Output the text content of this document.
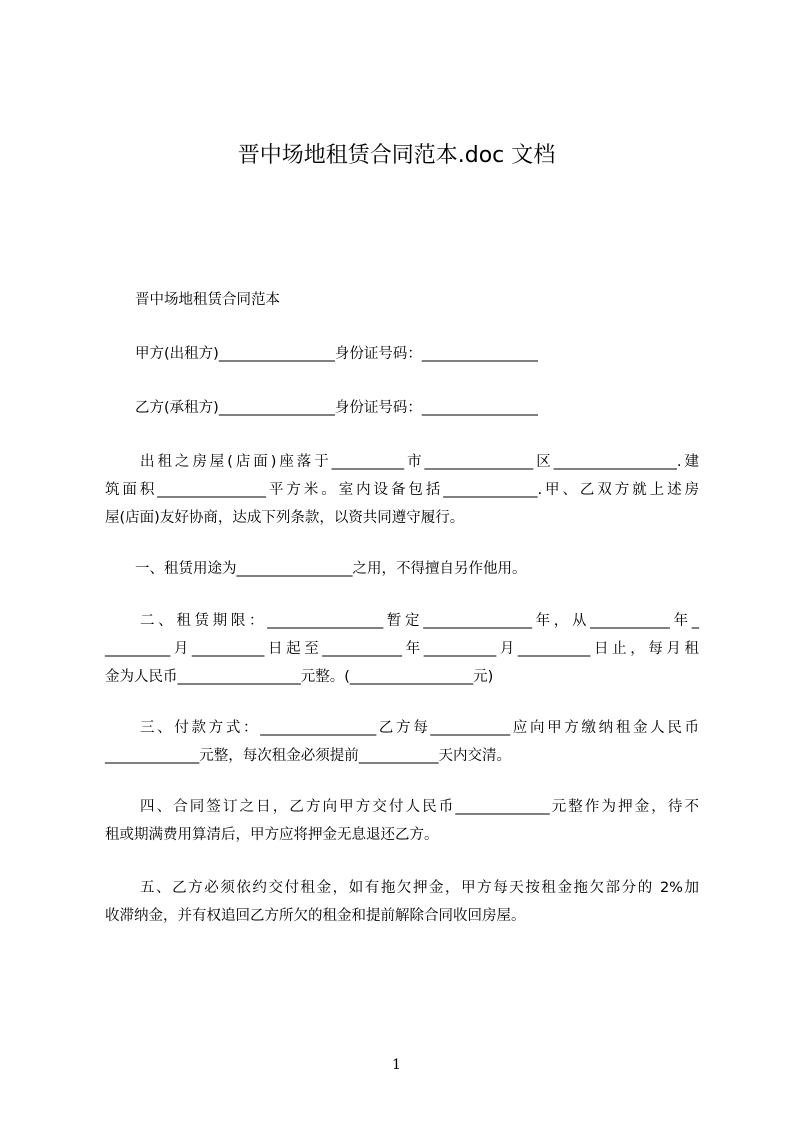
晋中场地租赁合同范本.doc 文档

晋中场地租赁合同范本

甲方(出租方)________________身份证号码：________________

乙方(承租方)________________身份证号码：________________

出租之房屋(店面)座落于__________市_______________区_________________.建
筑面积_______________平方米。室内设备包括_____________.甲、乙双方就上述房
屋(店面)友好协商，达成下列条款，以资共同遵守履行。

一、租赁用途为________________之用，不得擅自另作他用。

二、租赁期限：________________暂定_______________年，从___________年_
_________月__________日起至___________年__________月__________日止，每月租
金为人民币_________________元整。(_________________元)

三、付款方式：________________乙方每___________应向甲方缴纳租金人民币
_____________元整，每次租金必须提前___________天内交清。

四、合同签订之日，乙方向甲方交付人民币_____________元整作为押金，待不
租或期满费用算清后，甲方应将押金无息退还乙方。

五、乙方必须依约交付租金，如有拖欠押金，甲方每天按租金拖欠部分的 2%加
收滞纳金，并有权追回乙方所欠的租金和提前解除合同收回房屋。

1
